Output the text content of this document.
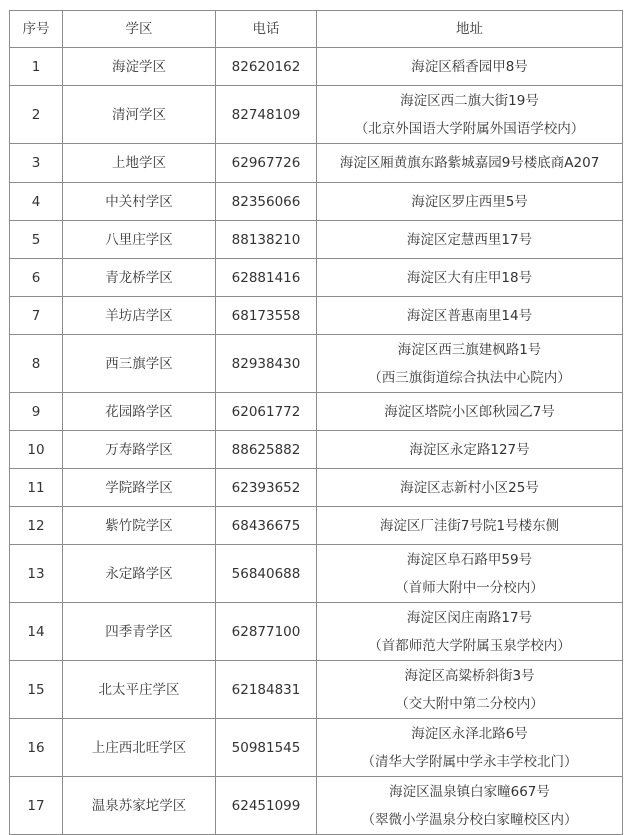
序号	学区	电话	地址
1	海淀学区	82620162	海淀区稻香园甲8号

2	清河学区	82748109	海淀区西二旗大街19号
（北京外国语大学附属外国语学校内）

3	上地学区	62967726	海淀区厢黄旗东路紫城嘉园9号楼底商A207

4	中关村学区	82356066	海淀区罗庄西里5号

5	八里庄学区	88138210	海淀区定慧西里17号

6	青龙桥学区	62881416	海淀区大有庄甲18号

7	羊坊店学区	68173558	海淀区普惠南里14号

8	西三旗学区	82938430	海淀区西三旗建枫路1号
（西三旗街道综合执法中心院内）

9	花园路学区	62061772	海淀区塔院小区郎秋园乙7号

10	万寿路学区	88625882	海淀区永定路127号

11	学院路学区	62393652	海淀区志新村小区25号

12	紫竹院学区	68436675	海淀区厂洼街7号院1号楼东侧

13	永定路学区	56840688	海淀区阜石路甲59号
（首师大附中一分校内）

14	四季青学区	62877100	海淀区闵庄南路17号
（首都师范大学附属玉泉学校内）

15	北太平庄学区	62184831	海淀区高粱桥斜街3号
（交大附中第二分校内）

16	上庄西北旺学区	50981545	海淀区永泽北路6号
（清华大学附属中学永丰学校北门）

17	温泉苏家坨学区	62451099	海淀区温泉镇白家疃667号
（翠微小学温泉分校白家疃校区内）
